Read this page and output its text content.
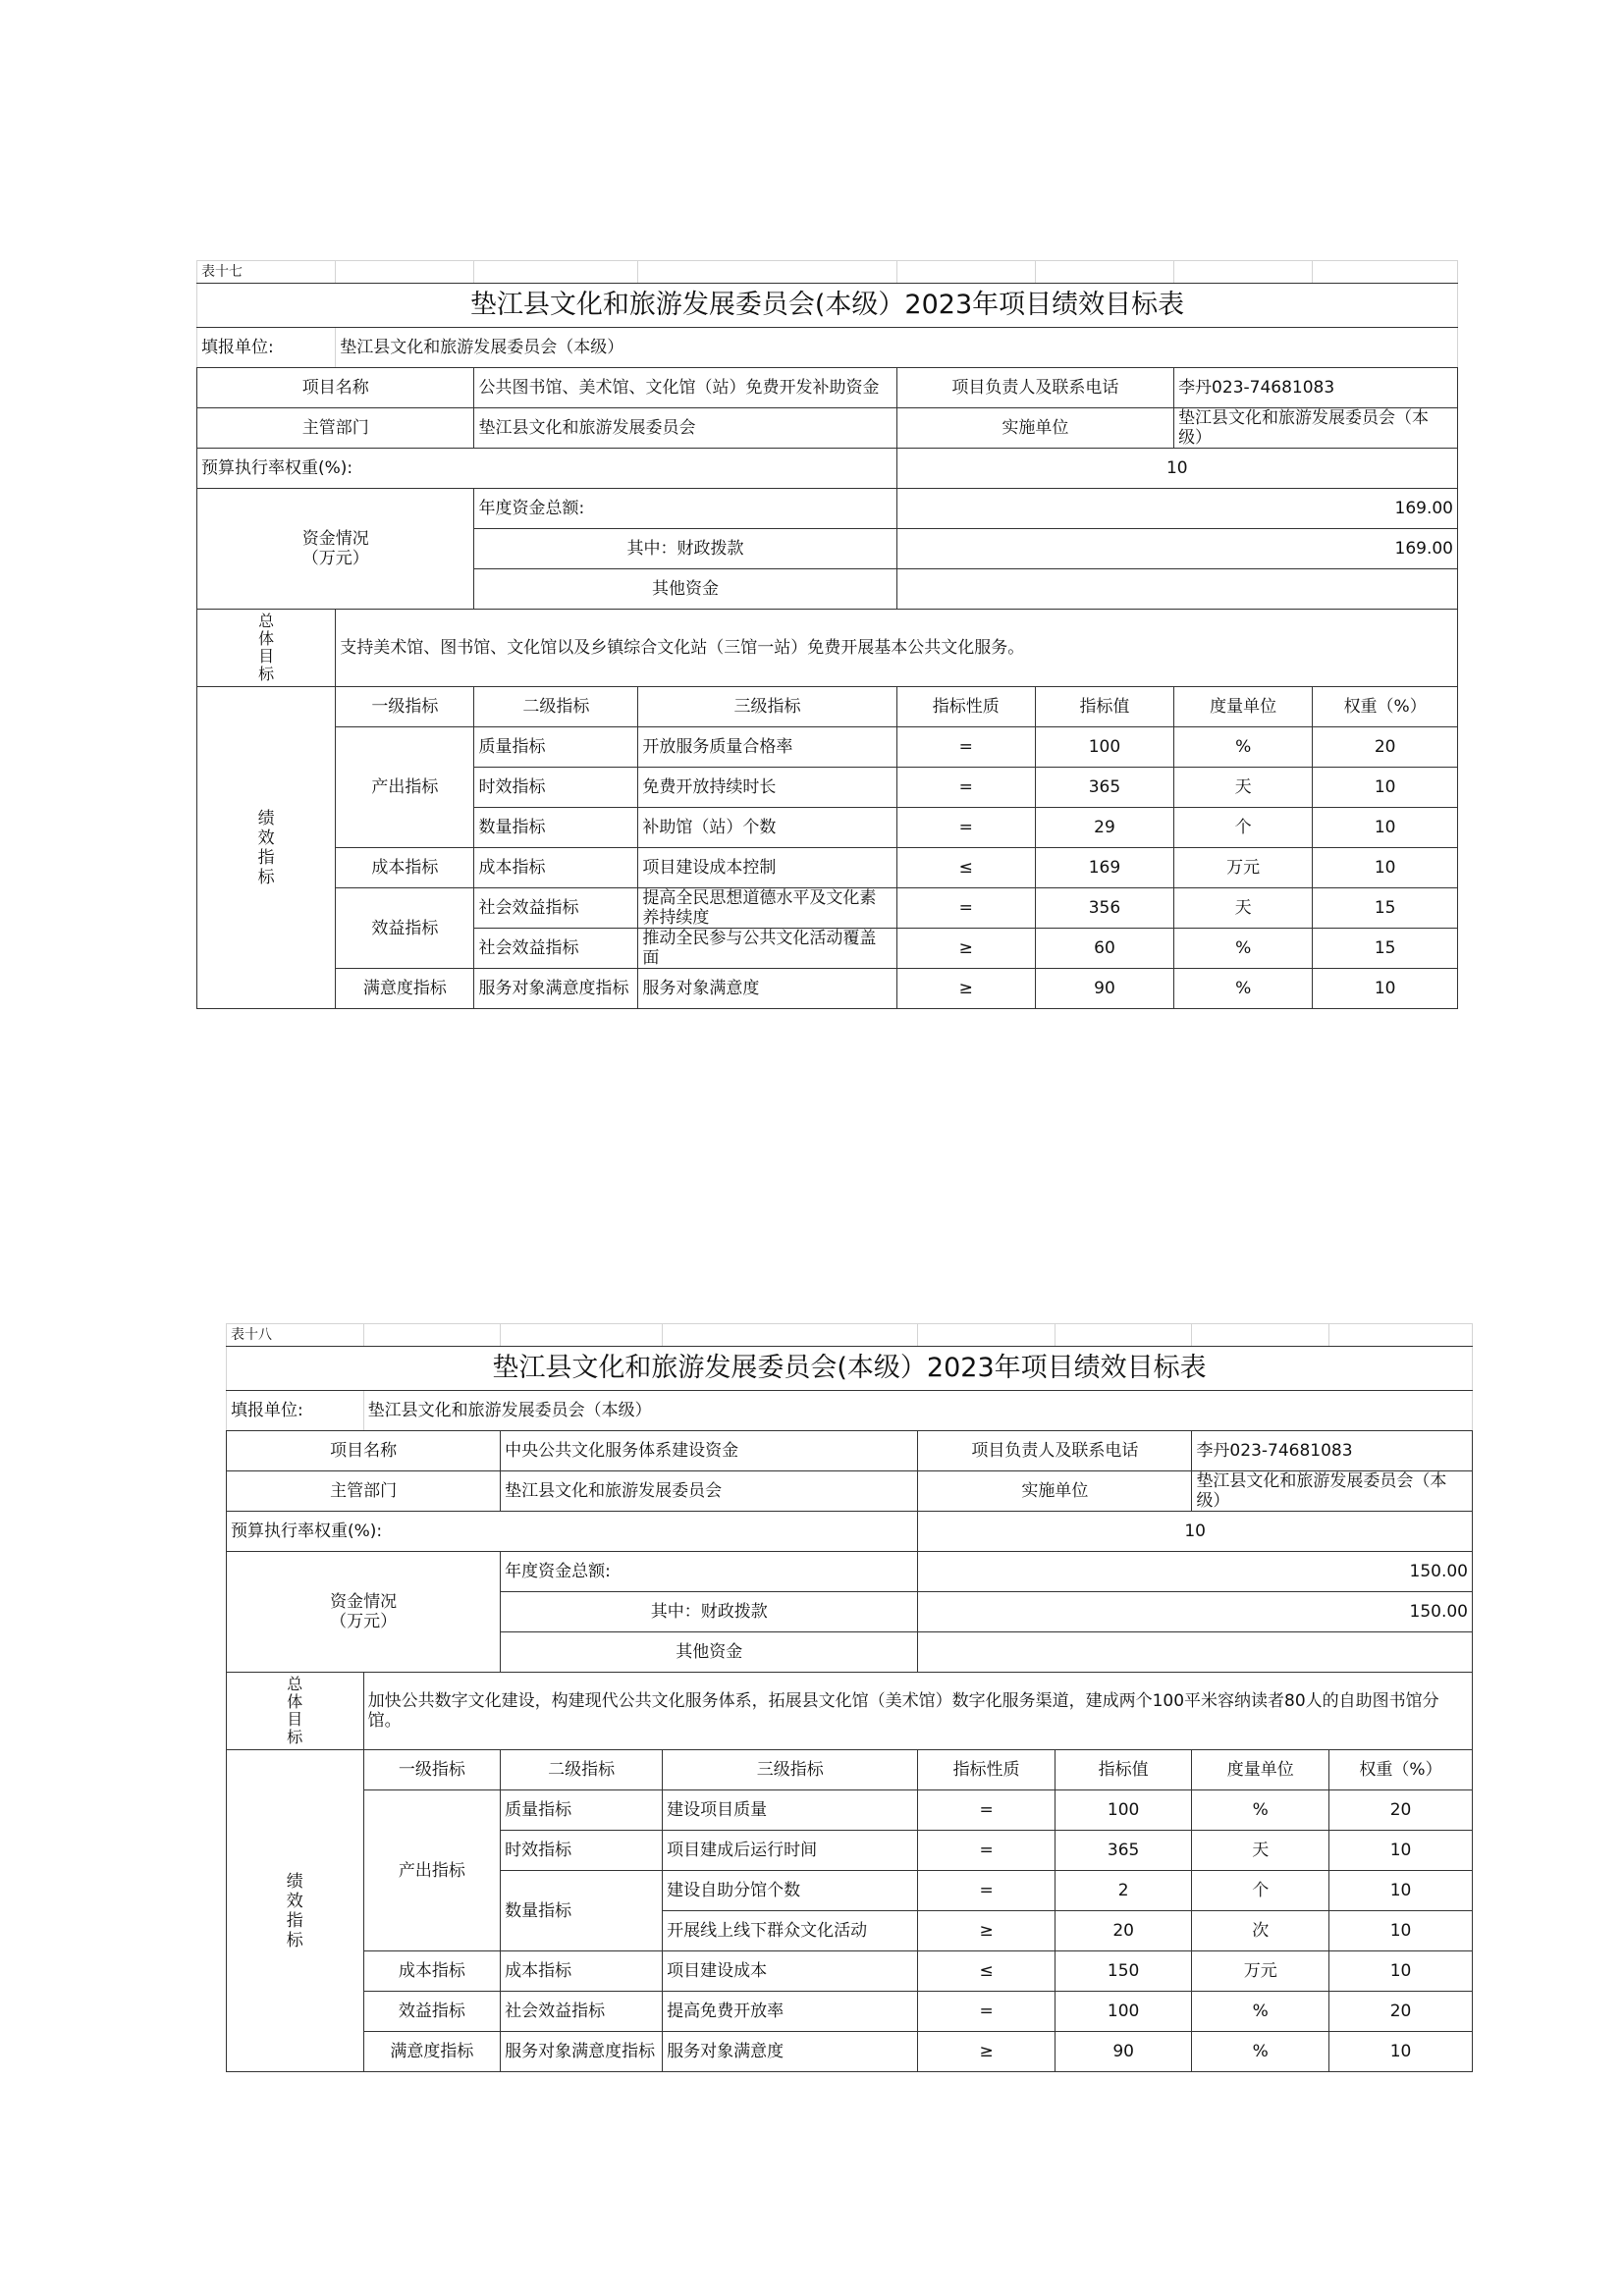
表十七							
垫江县文化和旅游发展委员会(本级）2023年项目绩效目标表							
填报单位:	垫江县文化和旅游发展委员会（本级）						
项目名称		公共图书馆、美术馆、文化馆（站）免费开发补助资金		项目负责人及联系电话		李丹023-74681083	
主管部门		垫江县文化和旅游发展委员会		实施单位		垫江县文化和旅游发展委员会（本级）	
预算执行率权重(%):				10			
资金情况
（万元）		年度资金总额:		169.00			
		其中：财政拨款		169.00			
		其他资金					
总
体
目
标	支持美术馆、图书馆、文化馆以及乡镇综合文化站（三馆一站）免费开展基本公共文化服务。						
绩
效
指
标	一级指标	二级指标	三级指标	指标性质	指标值	度量单位	权重（%）
	产出指标	质量指标	开放服务质量合格率	=	100	%	20
		时效指标	免费开放持续时长	=	365	天	10
		数量指标	补助馆（站）个数	=	29	个	10
	成本指标	成本指标	项目建设成本控制	≤	169	万元	10
	效益指标	社会效益指标	提高全民思想道德水平及文化素养持续度	=	356	天	15
		社会效益指标	推动全民参与公共文化活动覆盖面	≥	60	%	15
	满意度指标	服务对象满意度指标	服务对象满意度	≥	90	%	10
表十八							
垫江县文化和旅游发展委员会(本级）2023年项目绩效目标表							
填报单位:	垫江县文化和旅游发展委员会（本级）						
项目名称		中央公共文化服务体系建设资金		项目负责人及联系电话		李丹023-74681083	
主管部门		垫江县文化和旅游发展委员会		实施单位		垫江县文化和旅游发展委员会（本级）	
预算执行率权重(%):				10			
资金情况
（万元）		年度资金总额:		150.00			
		其中：财政拨款		150.00			
		其他资金					
总
体
目
标	加快公共数字文化建设，构建现代公共文化服务体系，拓展县文化馆（美术馆）数字化服务渠道，建成两个100平米容纳读者80人的自助图书馆分馆。						
绩
效
指
标	一级指标	二级指标	三级指标	指标性质	指标值	度量单位	权重（%）
	产出指标	质量指标	建设项目质量	=	100	%	20
		时效指标	项目建成后运行时间	=	365	天	10
		数量指标	建设自助分馆个数	=	2	个	10
			开展线上线下群众文化活动	≥	20	次	10
	成本指标	成本指标	项目建设成本	≤	150	万元	10
	效益指标	社会效益指标	提高免费开放率	=	100	%	20
	满意度指标	服务对象满意度指标	服务对象满意度	≥	90	%	10
